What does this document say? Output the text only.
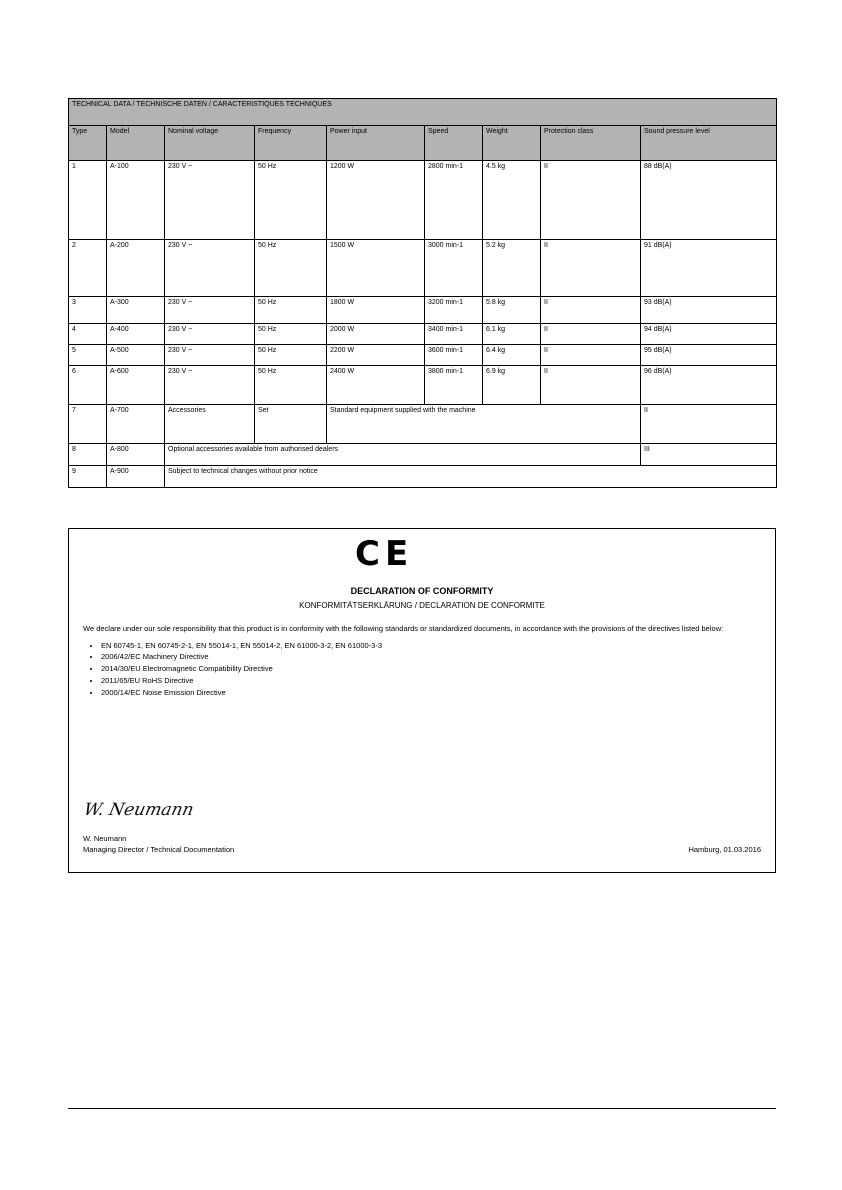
TECHNICAL DATA / TECHNISCHE DATEN / CARACTERISTIQUES TECHNIQUES								
Type	Model	Nominal voltage	Frequency	Power input	Speed	Weight	Protection class	Sound pressure level
1	A-100	230 V ~	50 Hz	1200 W	2800 min-1	4.5 kg	II	88 dB(A)
2	A-200	230 V ~	50 Hz	1500 W	3000 min-1	5.2 kg	II	91 dB(A)
3	A-300	230 V ~	50 Hz	1800 W	3200 min-1	5.8 kg	II	93 dB(A)
4	A-400	230 V ~	50 Hz	2000 W	3400 min-1	6.1 kg	II	94 dB(A)
5	A-500	230 V ~	50 Hz	2200 W	3600 min-1	6.4 kg	II	95 dB(A)
6	A-600	230 V ~	50 Hz	2400 W	3800 min-1	6.9 kg	II	96 dB(A)
7	A-700	Accessories	Set	Standard equipment supplied with the machine				II
8	A-800	Optional accessories available from authorised dealers						III
9	A-900	Subject to technical changes without prior notice						
CE
DECLARATION OF CONFORMITY
KONFORMITÄTSERKLÄRUNG / DECLARATION DE CONFORMITE
We declare under our sole responsibility that this product is in conformity with the following standards or standardized documents, in accordance with the provisions of the directives listed below:
• EN 60745-1, EN 60745-2-1, EN 55014-1, EN 55014-2, EN 61000-3-2, EN 61000-3-3
• 2006/42/EC Machinery Directive
• 2014/30/EU Electromagnetic Compatibility Directive
• 2011/65/EU RoHS Directive
• 2000/14/EC Noise Emission Directive
W. Neumann
W. Neumann
Managing Director / Technical Documentation	Hamburg, 01.03.2016
